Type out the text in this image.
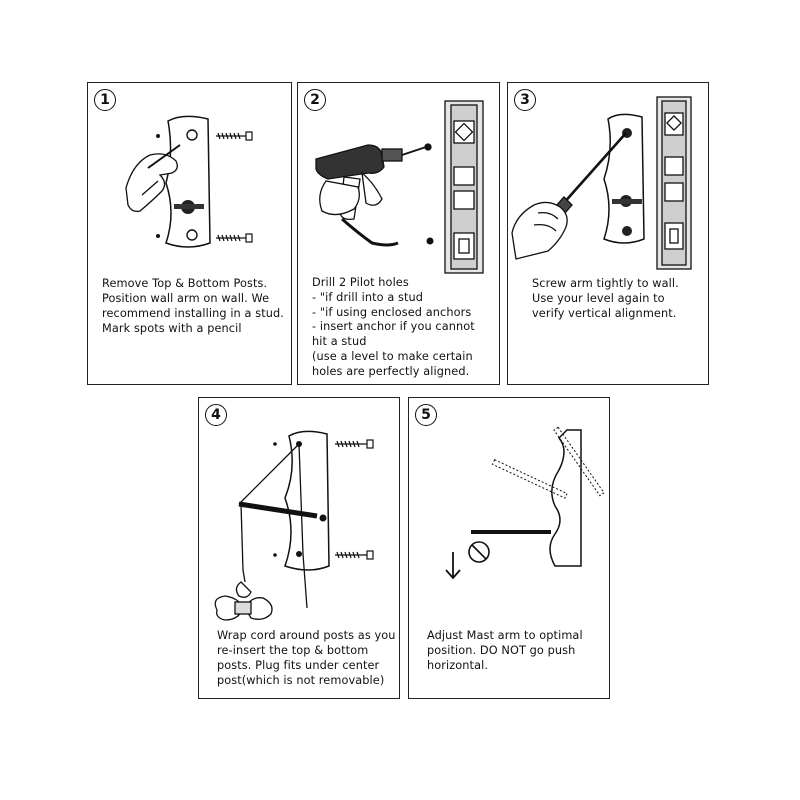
1
Remove Top & Bottom Posts.
Position wall arm on wall. We
recommend installing in a stud.
Mark spots with a pencil
2
Drill 2 Pilot holes
- "if drill into a stud
- "if using enclosed anchors
- insert anchor if you cannot
hit a stud
(use a level to make certain
holes are perfectly aligned.
3
Screw arm tightly to wall.
Use your level again to
verify vertical alignment.
4
Wrap cord around posts as you
re-insert the top & bottom
posts. Plug fits under center
post(which is not removable)
5
Adjust Mast arm to optimal
position. DO NOT go push
horizontal.
